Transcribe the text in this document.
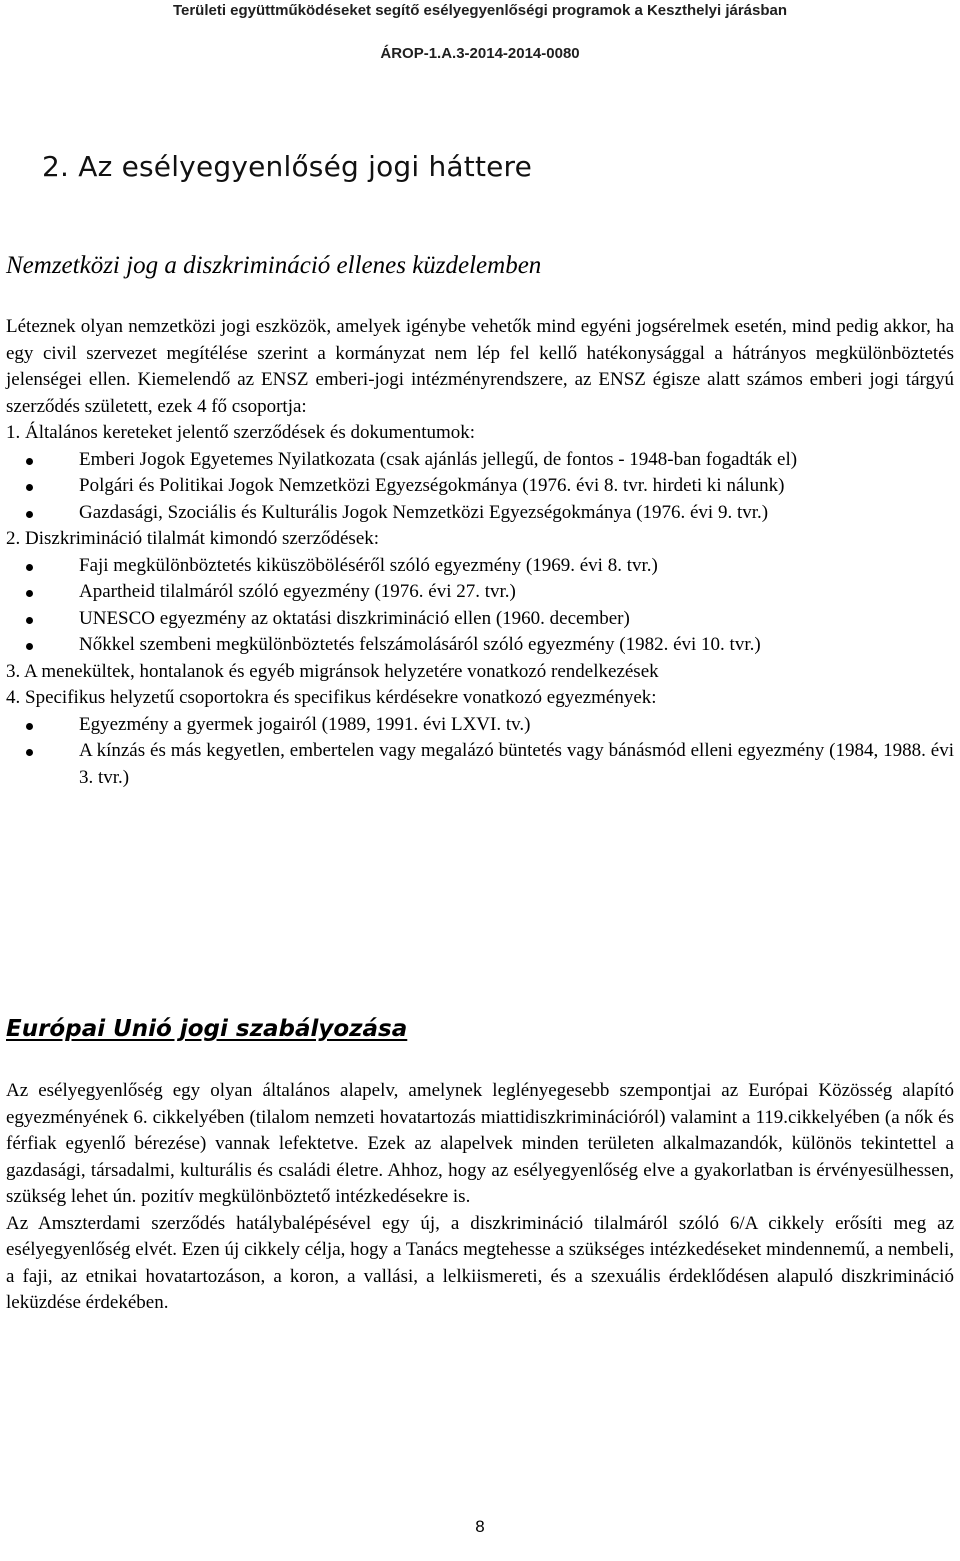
Területi együttműködéseket segítő esélyegyenlőségi programok a Keszthelyi járásban
ÁROP-1.A.3-2014-2014-0080
2. Az esélyegyenlőség jogi háttere
Nemzetközi jog a diszkrimináció ellenes küzdelemben

Léteznek olyan nemzetközi jogi eszközök, amelyek igénybe vehetők mind egyéni jogsérelmek esetén, mind pedig akkor, ha egy civil szervezet megítélése szerint a kormányzat nem lép fel kellő hatékonysággal a hátrányos megkülönböztetés jelenségei ellen. Kiemelendő az ENSZ emberi-jogi intézményrendszere, az ENSZ égisze alatt számos emberi jogi tárgyú szerződés született, ezek 4 fő csoportja:

1. Általános kereteket jelentő szerződések és dokumentumok:

Emberi Jogok Egyetemes Nyilatkozata (csak ajánlás jellegű, de fontos - 1948-ban fogadták el)
Polgári és Politikai Jogok Nemzetközi Egyezségokmánya (1976. évi 8. tvr. hirdeti ki nálunk)
Gazdasági, Szociális és Kulturális Jogok Nemzetközi Egyezségokmánya (1976. évi 9. tvr.)

2. Diszkrimináció tilalmát kimondó szerződések:

Faji megkülönböztetés kiküszöböléséről szóló egyezmény (1969. évi 8. tvr.)
Apartheid tilalmáról szóló egyezmény (1976. évi 27. tvr.)
UNESCO egyezmény az oktatási diszkrimináció ellen (1960. december)
Nőkkel szembeni megkülönböztetés felszámolásáról szóló egyezmény (1982. évi 10. tvr.)

3. A menekültek, hontalanok és egyéb migránsok helyzetére vonatkozó rendelkezések

4. Specifikus helyzetű csoportokra és specifikus kérdésekre vonatkozó egyezmények:

Egyezmény a gyermek jogairól (1989, 1991. évi LXVI. tv.)
A kínzás és más kegyetlen, embertelen vagy megalázó büntetés vagy bánásmód elleni egyezmény (1984, 1988. évi 3. tvr.)
Európai Unió jogi szabályozása

Az esélyegyenlőség egy olyan általános alapelv, amelynek leglényegesebb szempontjai az Európai Közösség alapító egyezményének 6. cikkelyében (tilalom nemzeti hovatartozás miattidiszkriminációról) valamint a 119.cikkelyében (a nők és férfiak egyenlő bérezése) vannak lefektetve. Ezek az alapelvek minden területen alkalmazandók, különös tekintettel a gazdasági, társadalmi, kulturális és családi életre. Ahhoz, hogy az esélyegyenlőség elve a gyakorlatban is érvényesülhessen, szükség lehet ún. pozitív megkülönböztető intézkedésekre is.

Az Amszterdami szerződés hatálybalépésével egy új, a diszkrimináció tilalmáról szóló 6/A cikkely erősíti meg az esélyegyenlőség elvét. Ezen új cikkely célja, hogy a Tanács megtehesse a szükséges intézkedéseket mindennemű, a nembeli, a faji, az etnikai hovatartozáson, a koron, a vallási, a lelkiismereti, és a szexuális érdeklődésen alapuló diszkrimináció leküzdése érdekében.

8
